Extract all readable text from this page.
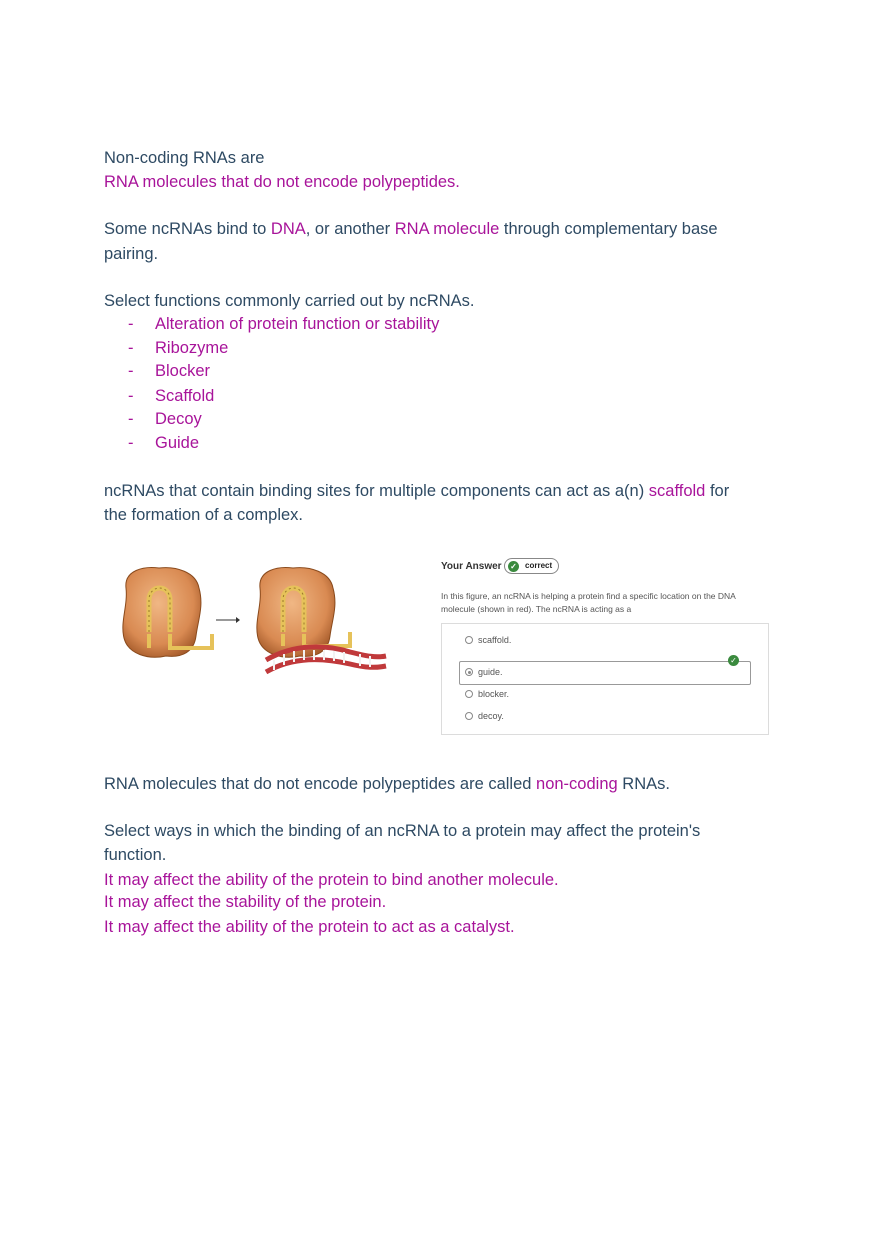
Non-coding RNAs are
RNA molecules that do not encode polypeptides.
Some ncRNAs bind to DNA, or another RNA molecule through complementary base
pairing.
Select functions commonly carried out by ncRNAs.
- Alteration of protein function or stability
- Ribozyme
- Blocker
- Scaffold
- Decoy
- Guide
ncRNAs that contain binding sites for multiple components can act as a(n) scaffold for
the formation of a complex.
RNA molecules that do not encode polypeptides are called non-coding RNAs.
Select ways in which the binding of an ncRNA to a protein may affect the protein's
function.
It may affect the ability of the protein to bind another molecule.
It may affect the stability of the protein.
It may affect the ability of the protein to act as a catalyst.
Your Answer ✓ correct
In this figure, an ncRNA is helping a protein find a specific location on the DNA
molecule (shown in red). The ncRNA is acting as a
scaffold.
✓
guide.
blocker.
decoy.
